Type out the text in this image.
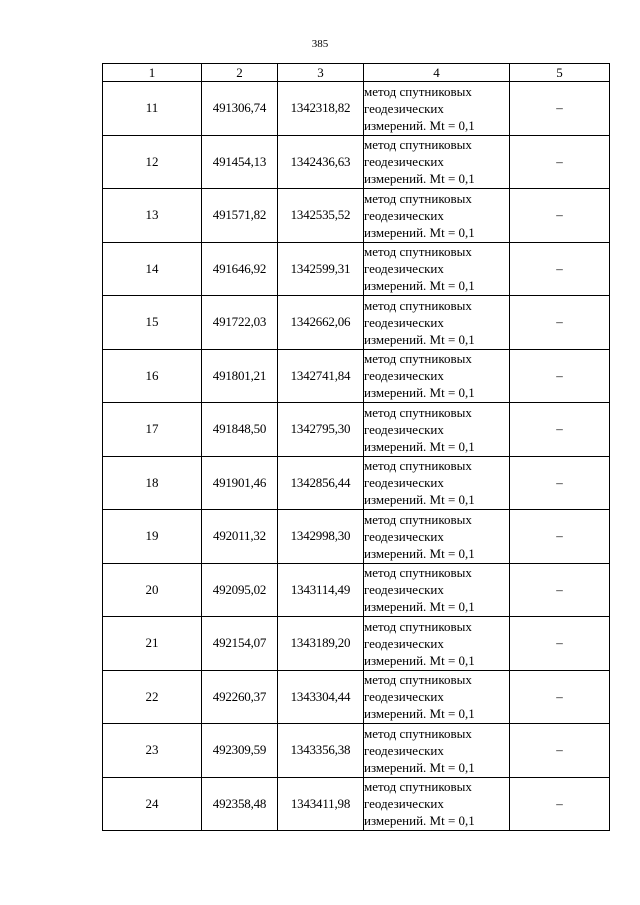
385
1	2	3	4	5
11	491306,74	1342318,82	метод спутниковых
геодезических
измерений. Mt = 0,1	–
12	491454,13	1342436,63	метод спутниковых
геодезических
измерений. Mt = 0,1	–
13	491571,82	1342535,52	метод спутниковых
геодезических
измерений. Mt = 0,1	–
14	491646,92	1342599,31	метод спутниковых
геодезических
измерений. Mt = 0,1	–
15	491722,03	1342662,06	метод спутниковых
геодезических
измерений. Mt = 0,1	–
16	491801,21	1342741,84	метод спутниковых
геодезических
измерений. Mt = 0,1	–
17	491848,50	1342795,30	метод спутниковых
геодезических
измерений. Mt = 0,1	–
18	491901,46	1342856,44	метод спутниковых
геодезических
измерений. Mt = 0,1	–
19	492011,32	1342998,30	метод спутниковых
геодезических
измерений. Mt = 0,1	–
20	492095,02	1343114,49	метод спутниковых
геодезических
измерений. Mt = 0,1	–
21	492154,07	1343189,20	метод спутниковых
геодезических
измерений. Mt = 0,1	–
22	492260,37	1343304,44	метод спутниковых
геодезических
измерений. Mt = 0,1	–
23	492309,59	1343356,38	метод спутниковых
геодезических
измерений. Mt = 0,1	–
24	492358,48	1343411,98	метод спутниковых
геодезических
измерений. Mt = 0,1	–
